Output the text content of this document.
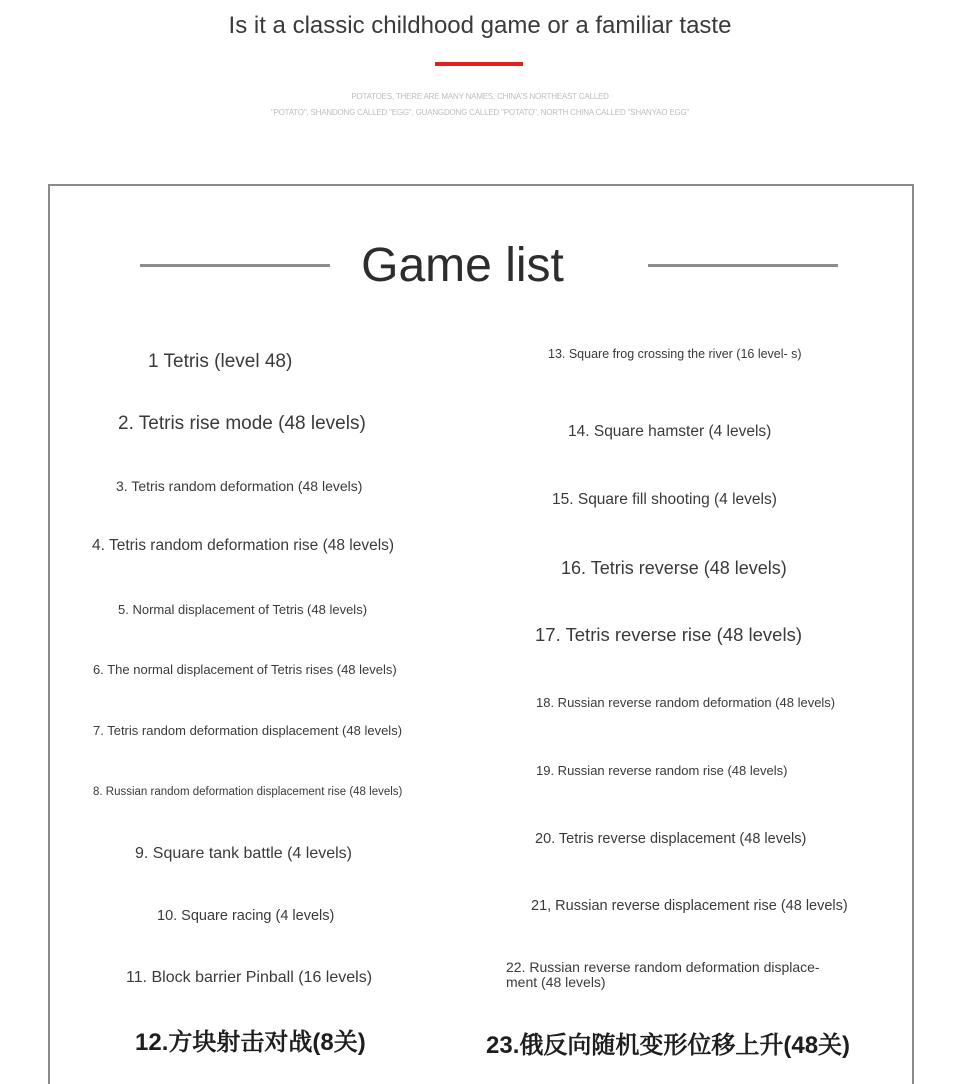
Is it a classic childhood game or a familiar taste
POTATOES, THERE ARE MANY NAMES, CHINA'S NORTHEAST CALLED
"POTATO", SHANDONG CALLED "EGG", GUANGDONG CALLED "POTATO", NORTH CHINA CALLED "SHANYAO EGG"
Game list
1 Tetris (level 48)
2. Tetris rise mode (48 levels)
3. Tetris random deformation (48 levels)
4. Tetris random deformation rise (48 levels)
5. Normal displacement of Tetris (48 levels)
6. The normal displacement of Tetris rises (48 levels)
7. Tetris random deformation displacement (48 levels)
8. Russian random deformation displacement rise (48 levels)
9. Square tank battle (4 levels)
10. Square racing (4 levels)
11. Block barrier Pinball (16 levels)
12.方块射击对战(8关)
13. Square frog crossing the river (16 level- s)
14. Square hamster (4 levels)
15. Square fill shooting (4 levels)
16. Tetris reverse (48 levels)
17. Tetris reverse rise (48 levels)
18. Russian reverse random deformation (48 levels)
19. Russian reverse random rise (48 levels)
20. Tetris reverse displacement (48 levels)
21, Russian reverse displacement rise (48 levels)
22. Russian reverse random deformation displace- ment (48 levels)
23.俄反向随机变形位移上升(48关)
